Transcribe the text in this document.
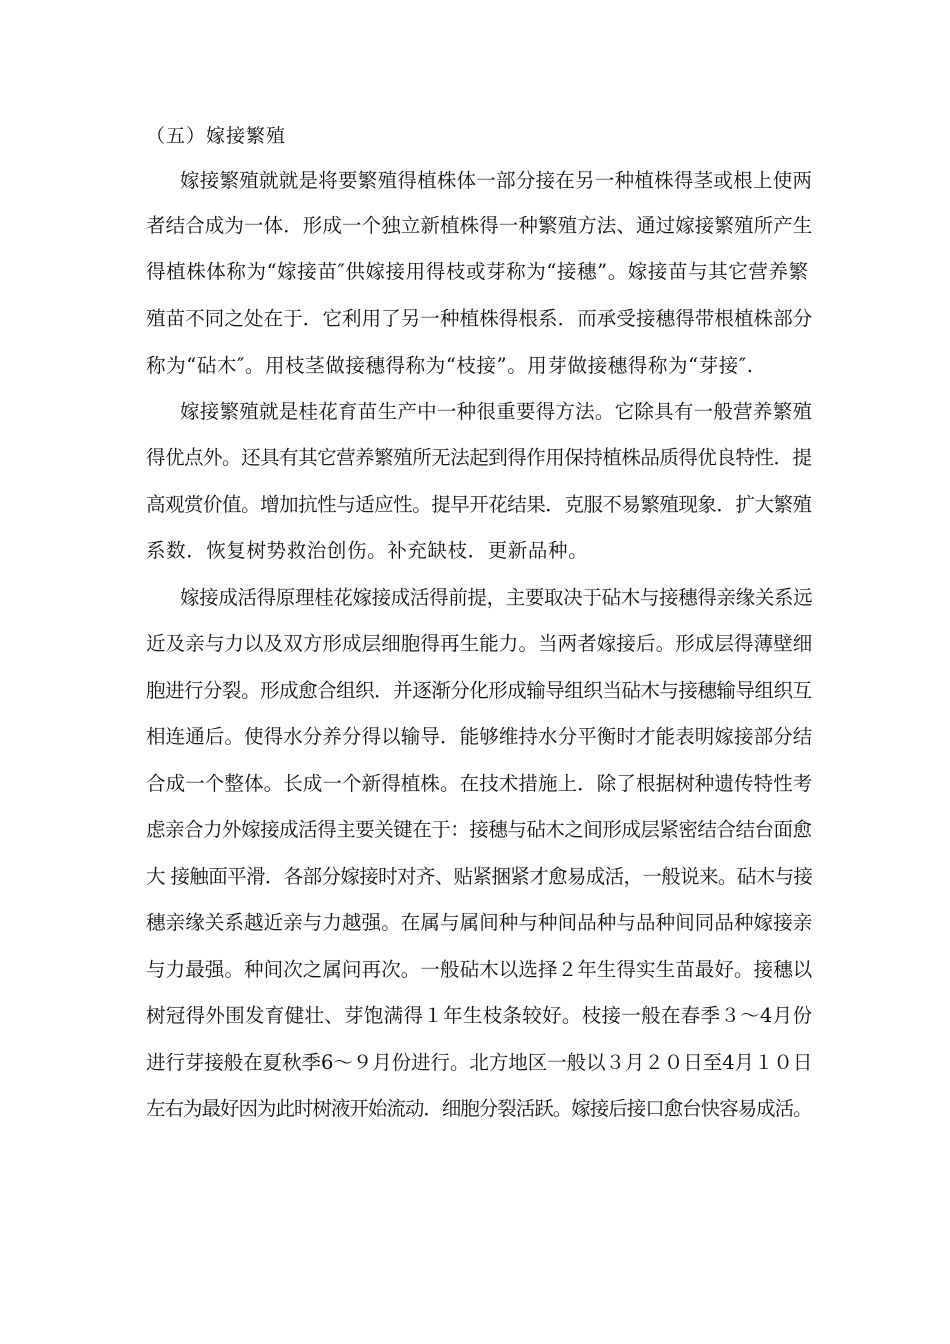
（五）嫁接繁殖
嫁接繁殖就就是将要繁殖得植株体一部分接在另一种植株得茎或根上使两
者结合成为一体．形成一个独立新植株得一种繁殖方法、通过嫁接繁殖所产生
得植株体称为“嫁接苗″供嫁接用得枝或芽称为“接穗”。嫁接苗与其它营养繁
殖苗不同之处在于．它利用了另一种植株得根系．而承受接穗得带根植株部分
称为“砧木″。用枝茎做接穗得称为“枝接”。用芽做接穗得称为“芽接″.
嫁接繁殖就是桂花育苗生产中一种很重要得方法。它除具有一般营养繁殖
得优点外。还具有其它营养繁殖所无法起到得作用保持植株品质得优良特性．提
高观赏价值。增加抗性与适应性。提早开花结果．克服不易繁殖现象．扩大繁殖
系数．恢复树势救治创伤。补充缺枝．更新品种。
嫁接成活得原理桂花嫁接成活得前提，主要取决于砧木与接穗得亲缘关系远
近及亲与力以及双方形成层细胞得再生能力。当两者嫁接后。形成层得薄壁细
胞进行分裂。形成愈合组织．并逐渐分化形成输导组织当砧木与接穗输导组织互
相连通后。使得水分养分得以输导．能够维持水分平衡时才能表明嫁接部分结
合成一个整体。长成一个新得植株。在技术措施上．除了根据树种遗传特性考
虑亲合力外嫁接成活得主要关键在于：接穗与砧木之间形成层紧密结合结台面愈
大 接触面平滑．各部分嫁接时对齐、贴紧捆紧才愈易成活，一般说来。砧木与接
穗亲缘关系越近亲与力越强。在属与属间种与种间品种与品种间同品种嫁接亲
与力最强。种间次之属问再次。一般砧木以选择２年生得实生苗最好。接穗以
树冠得外围发育健壮、芽饱满得１年生枝条较好。枝接一般在春季３～4月份
进行芽接般在夏秋季6～９月份进行。北方地区一般以３月２０日至4月１０日
左右为最好因为此时树液开始流动．细胞分裂活跃。嫁接后接口愈台快容易成活。
